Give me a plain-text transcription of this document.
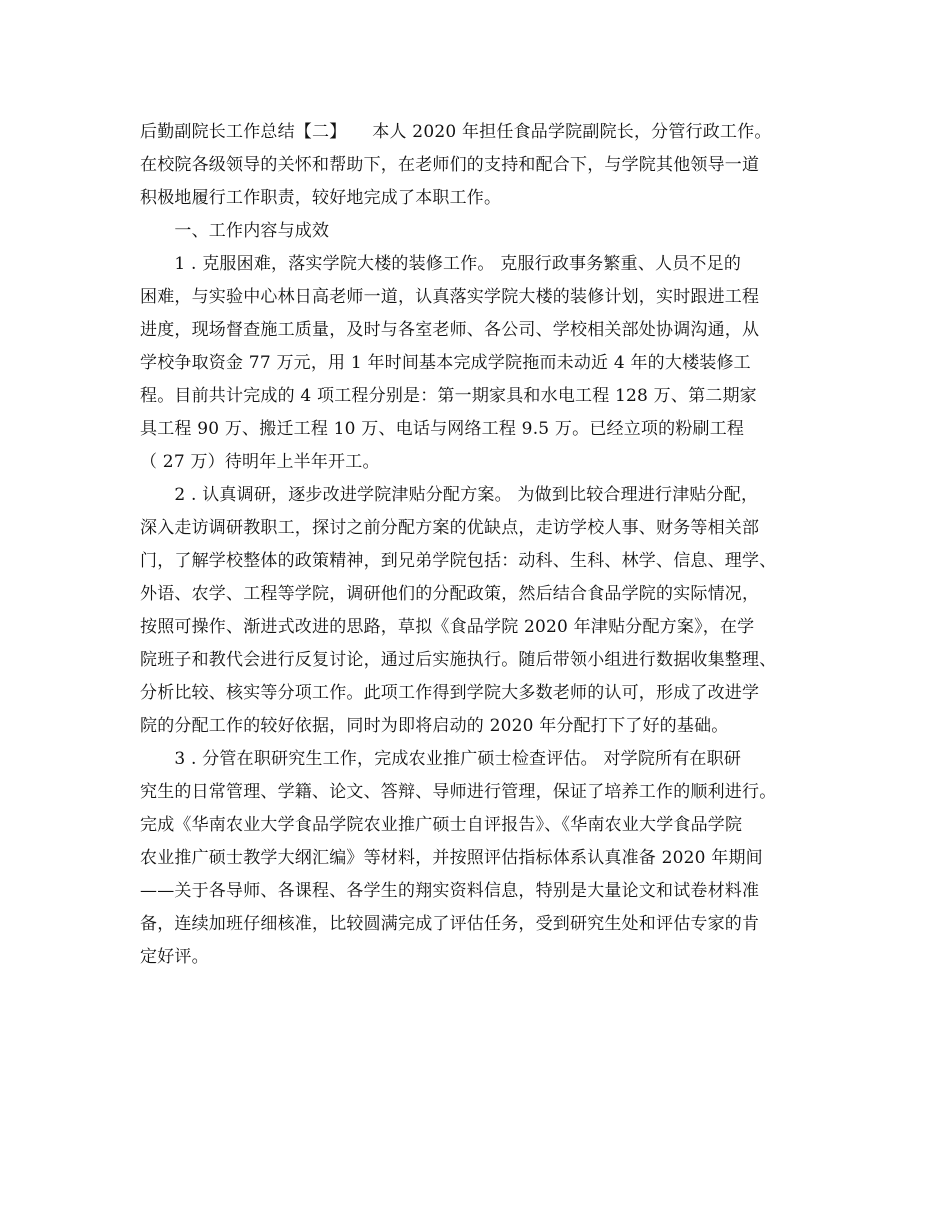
后勤副院长工作总结【二】　　本人 2020 年担任食品学院副院长，分管行政工作。
在校院各级领导的关怀和帮助下，在老师们的支持和配合下，与学院其他领导一道
积极地履行工作职责，较好地完成了本职工作。
　　一、工作内容与成效
　　1 . 克服困难，落实学院大楼的装修工作。 克服行政事务繁重、人员不足的
困难，与实验中心林日高老师一道，认真落实学院大楼的装修计划，实时跟进工程
进度，现场督查施工质量，及时与各室老师、各公司、学校相关部处协调沟通，从
学校争取资金 77 万元，用 1 年时间基本完成学院拖而未动近 4 年的大楼装修工
程。目前共计完成的 4 项工程分别是：第一期家具和水电工程 128 万、第二期家
具工程 90 万、搬迁工程 10 万、电话与网络工程 9.5 万。已经立项的粉刷工程
（ 27 万）待明年上半年开工。
　　2 . 认真调研，逐步改进学院津贴分配方案。 为做到比较合理进行津贴分配，
深入走访调研教职工，探讨之前分配方案的优缺点，走访学校人事、财务等相关部
门，了解学校整体的政策精神，到兄弟学院包括：动科、生科、林学、信息、理学、
外语、农学、工程等学院，调研他们的分配政策，然后结合食品学院的实际情况，
按照可操作、渐进式改进的思路，草拟《食品学院 2020 年津贴分配方案》，在学
院班子和教代会进行反复讨论，通过后实施执行。随后带领小组进行数据收集整理、
分析比较、核实等分项工作。此项工作得到学院大多数老师的认可，形成了改进学
院的分配工作的较好依据，同时为即将启动的 2020 年分配打下了好的基础。
　　3 . 分管在职研究生工作，完成农业推广硕士检查评估。 对学院所有在职研
究生的日常管理、学籍、论文、答辩、导师进行管理，保证了培养工作的顺利进行。
完成《华南农业大学食品学院农业推广硕士自评报告》、《华南农业大学食品学院
农业推广硕士教学大纲汇编》等材料，并按照评估指标体系认真准备 2020 年期间
——关于各导师、各课程、各学生的翔实资料信息，特别是大量论文和试卷材料准
备，连续加班仔细核准，比较圆满完成了评估任务，受到研究生处和评估专家的肯
定好评。
